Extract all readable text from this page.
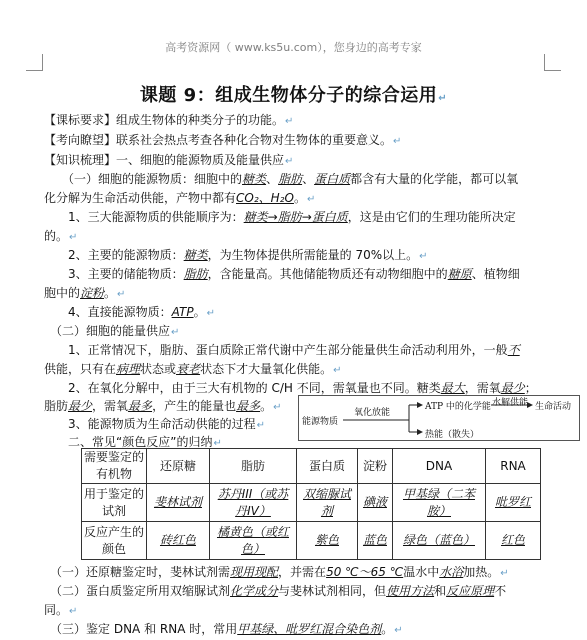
高考资源网（ www.ks5u.com），您身边的高考专家
课题 9：组成生物体分子的综合运用↵
【课标要求】组成生物体的种类分子的功能。↵
【考向瞭望】联系社会热点考查各种化合物对生物体的重要意义。↵
【知识梳理】一、细胞的能源物质及能量供应↵
　　（一）细胞的能源物质：细胞中的糖类、脂肪、蛋白质都含有大量的化学能，都可以氧
化分解为生命活动供能，产物中都有CO₂、H₂O。↵
　　1、三大能源物质的供能顺序为：糖类→脂肪→蛋白质，这是由它们的生理功能所决定
的。↵
　　2、主要的能源物质：糖类，为生物体提供所需能量的 70%以上。↵
　　3、主要的储能物质：脂肪，含能量高。其他储能物质还有动物细胞中的糖原、植物细
胞中的淀粉。↵
　　4、直接能源物质：ATP。↵
　（二）细胞的能量供应↵
　　1、正常情况下，脂肪、蛋白质除正常代谢中产生部分能量供生命活动利用外，一般不
供能，只有在病理状态或衰老状态下才大量氧化供能。↵
　　2、在氧化分解中，由于三大有机物的 C/H 不同，需氧量也不同。糖类最大，需氧最少；
脂肪最少，需氧最多，产生的能量也最多。↵
　　3、能源物质为生命活动供能的过程↵
　　二、常见“颜色反应”的归纳↵
能源物质
氧化放能
ATP 中的化学能 水解供能 生命活动
热能（散失）
需要鉴定的有机物	还原糖	脂肪	蛋白质	淀粉	DNA	RNA
用于鉴定的试剂	斐林试剂	苏丹III（或苏丹IV）	双缩脲试剂	碘液	甲基绿（二苯胺）	吡罗红
反应产生的颜色	砖红色	橘黄色（或红色）	紫色	蓝色	绿色（蓝色）	红色
　（一）还原糖鉴定时，斐林试剂需现用现配，并需在50 ℃～65 ℃温水中水浴加热。↵
　（二）蛋白质鉴定所用双缩脲试剂化学成分与斐林试剂相同，但使用方法和反应原理不
同。↵
　（三）鉴定 DNA 和 RNA 时，常用甲基绿、吡罗红混合染色剂。↵
